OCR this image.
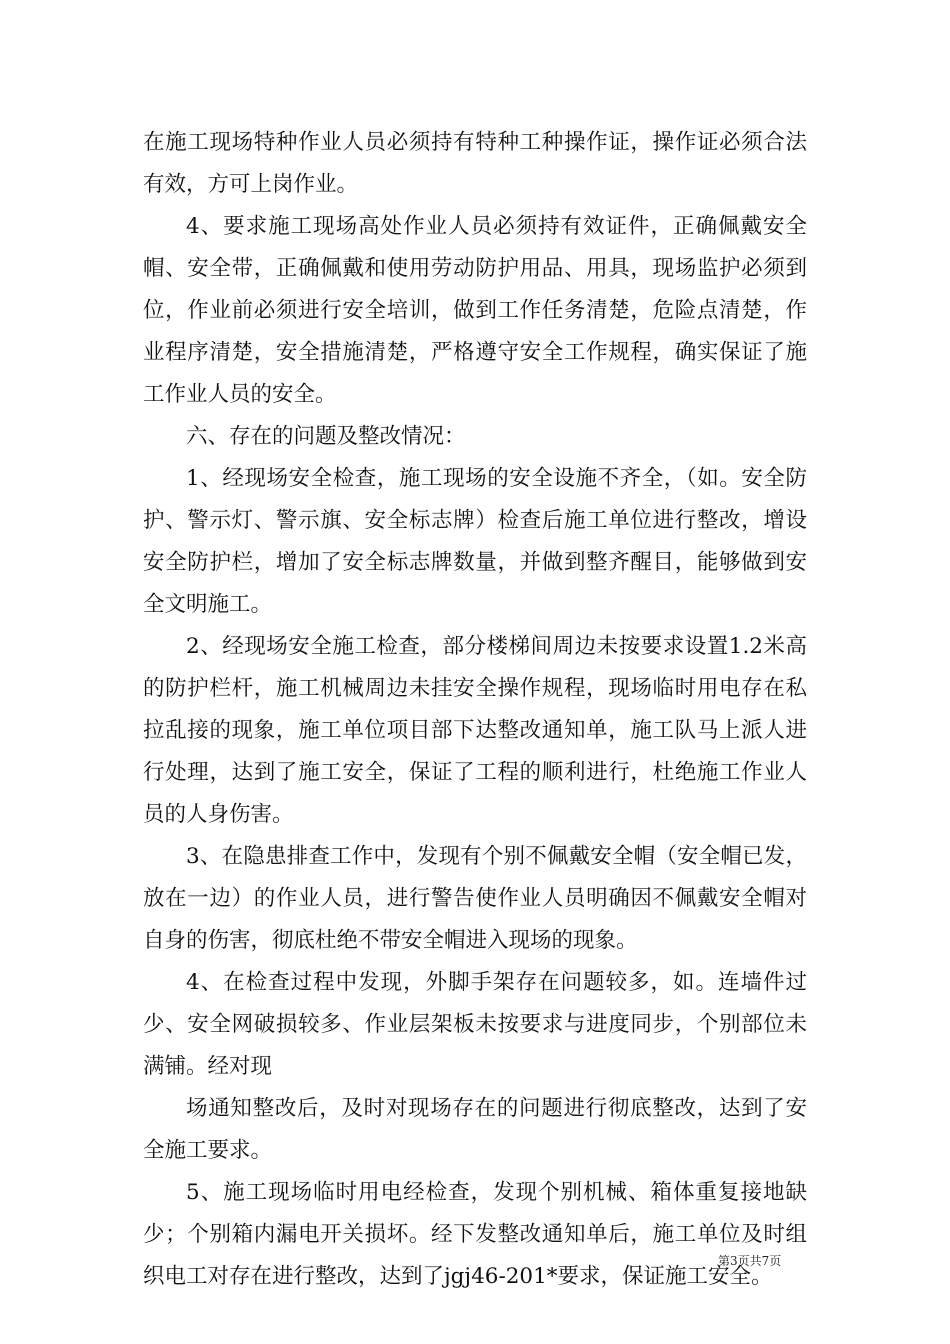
在施工现场特种作业人员必须持有特种工种操作证，操作证必须合法有效，方可上岗作业。

4、要求施工现场高处作业人员必须持有效证件，正确佩戴安全帽、安全带，正确佩戴和使用劳动防护用品、用具，现场监护必须到位，作业前必须进行安全培训，做到工作任务清楚，危险点清楚，作业程序清楚，安全措施清楚，严格遵守安全工作规程，确实保证了施工作业人员的安全。

六、存在的问题及整改情况：

1、经现场安全检查，施工现场的安全设施不齐全，（如。安全防护、警示灯、警示旗、安全标志牌）检查后施工单位进行整改，增设安全防护栏，增加了安全标志牌数量，并做到整齐醒目，能够做到安全文明施工。

2、经现场安全施工检查，部分楼梯间周边未按要求设置1.2米高的防护栏杆，施工机械周边未挂安全操作规程，现场临时用电存在私拉乱接的现象，施工单位项目部下达整改通知单，施工队马上派人进行处理，达到了施工安全，保证了工程的顺利进行，杜绝施工作业人员的人身伤害。

3、在隐患排查工作中，发现有个别不佩戴安全帽（安全帽已发，放在一边）的作业人员，进行警告使作业人员明确因不佩戴安全帽对自身的伤害，彻底杜绝不带安全帽进入现场的现象。

4、在检查过程中发现，外脚手架存在问题较多，如。连墙件过少、安全网破损较多、作业层架板未按要求与进度同步，个别部位未满铺。经对现

场通知整改后，及时对现场存在的问题进行彻底整改，达到了安全施工要求。

5、施工现场临时用电经检查，发现个别机械、箱体重复接地缺少；个别箱内漏电开关损坏。经下发整改通知单后，施工单位及时组织电工对存在进行整改，达到了jgj46-201*要求，保证施工安全。

第3页共7页
